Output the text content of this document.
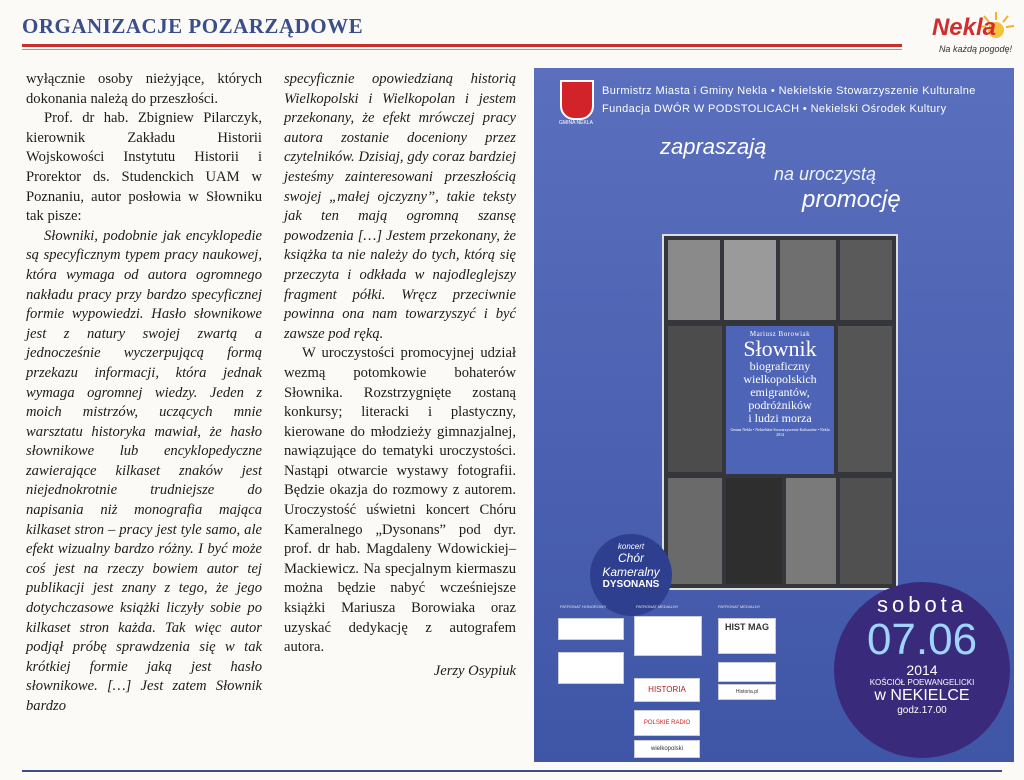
ORGANIZACJE POZARZĄDOWE	Nekla
Na każdą pogodę!

wyłącznie osoby nieżyjące, których dokonania należą do przeszłości.

Prof. dr hab. Zbigniew Pilarczyk, kierownik Zakładu Historii Wojskowości Instytutu Historii i Prorektor ds. Studenckich UAM w Poznaniu, autor posłowia w Słowniku tak pisze:

Słowniki, podobnie jak encyklopedie są specyficznym typem pracy naukowej, która wymaga od autora ogromnego nakładu pracy przy bardzo specyficznej formie wypowiedzi. Hasło słownikowe jest z natury swojej zwartą a jednocześnie wyczerpującą formą przekazu informacji, która jednak wymaga ogromnej wiedzy. Jeden z moich mistrzów, uczących mnie warsztatu historyka mawiał, że hasło słownikowe lub encyklopedyczne zawierające kilkaset znaków jest niejednokrotnie trudniejsze do napisania niż monografia mająca kilkaset stron – pracy jest tyle samo, ale efekt wizualny bardzo różny. I być może coś jest na rzeczy bowiem autor tej publikacji jest znany z tego, że jego dotychczasowe książki liczyły sobie po kilkaset stron każda. Tak więc autor podjął próbę sprawdzenia się w tak krótkiej formie jaką jest hasło słownikowe. […] Jest zatem Słownik bardzo

specyficznie opowiedzianą historią Wielkopolski i Wielkopolan i jestem przekonany, że efekt mrówczej pracy autora zostanie doceniony przez czytelników. Dzisiaj, gdy coraz bardziej jesteśmy zainteresowani przeszłością swojej „małej ojczyzny”, takie teksty jak ten mają ogromną szansę powodzenia […] Jestem przekonany, że książka ta nie należy do tych, którą się przeczyta i odkłada w najodleglejszy fragment półki. Wręcz przeciwnie powinna ona nam towarzyszyć i być zawsze pod ręką.

W uroczystości promocyjnej udział wezmą potomkowie bohaterów Słownika. Rozstrzygnięte zostaną konkursy; literacki i plastyczny, kierowane do młodzieży gimnazjalnej, nawiązujące do tematyki uroczystości. Nastąpi otwarcie wystawy fotografii. Będzie okazja do rozmowy z autorem. Uroczystość uświetni koncert Chóru Kameralnego „Dysonans” pod dyr. prof. dr hab. Magdaleny Wdowickiej–Mackiewicz. Na specjalnym kiermaszu można będzie nabyć wcześniejsze książki Mariusza Borowiaka oraz uzyskać dedykację z autografem autora.

Jerzy Osypiuk

GMINA NEKLA
Burmistrz Miasta i Gminy Nekla • Nekielskie Stowarzyszenie Kulturalne
Fundacja DWÓR W PODSTOLICACH • Nekielski Ośrodek Kultury
zapraszają
na uroczystą
promocję
Mariusz Borowiak
Słownik
biograficzny
wielkopolskich
emigrantów,
podróżników
i ludzi morza
Gmina Nekla • Nekielskie Stowarzyszenie Kulturalne • Nekla 2014
koncert
Chór
Kameralny
DYSONANS
PATRONAT HONOROWY	PATRONAT MEDIALNY	PATRONAT MEDIALNY
HIST MAG
HISTORIA
POLSKIE RADIO
wielkopolski
Historia.pl
sobota
07.06
2014
KOŚCIÓŁ POEWANGELICKI
w NEKIELCE
godz.17.00
